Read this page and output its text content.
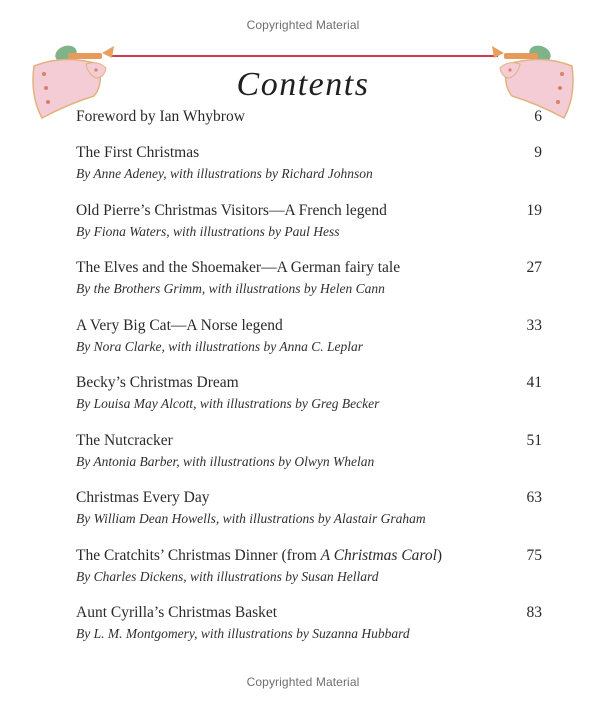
Copyrighted Material
Contents
Foreword by Ian Whybrow	6
The First Christmas
By Anne Adeney, with illustrations by Richard Johnson
9
Old Pierre’s Christmas Visitors—A French legend
By Fiona Waters, with illustrations by Paul Hess
19
The Elves and the Shoemaker—A German fairy tale
By the Brothers Grimm, with illustrations by Helen Cann
27
A Very Big Cat—A Norse legend
By Nora Clarke, with illustrations by Anna C. Leplar
33
Becky’s Christmas Dream
By Louisa May Alcott, with illustrations by Greg Becker
41
The Nutcracker
By Antonia Barber, with illustrations by Olwyn Whelan
51
Christmas Every Day
By William Dean Howells, with illustrations by Alastair Graham
63
The Cratchits’ Christmas Dinner (from A Christmas Carol)
By Charles Dickens, with illustrations by Susan Hellard
75
Aunt Cyrilla’s Christmas Basket
By L. M. Montgomery, with illustrations by Suzanna Hubbard
83
Copyrighted Material
